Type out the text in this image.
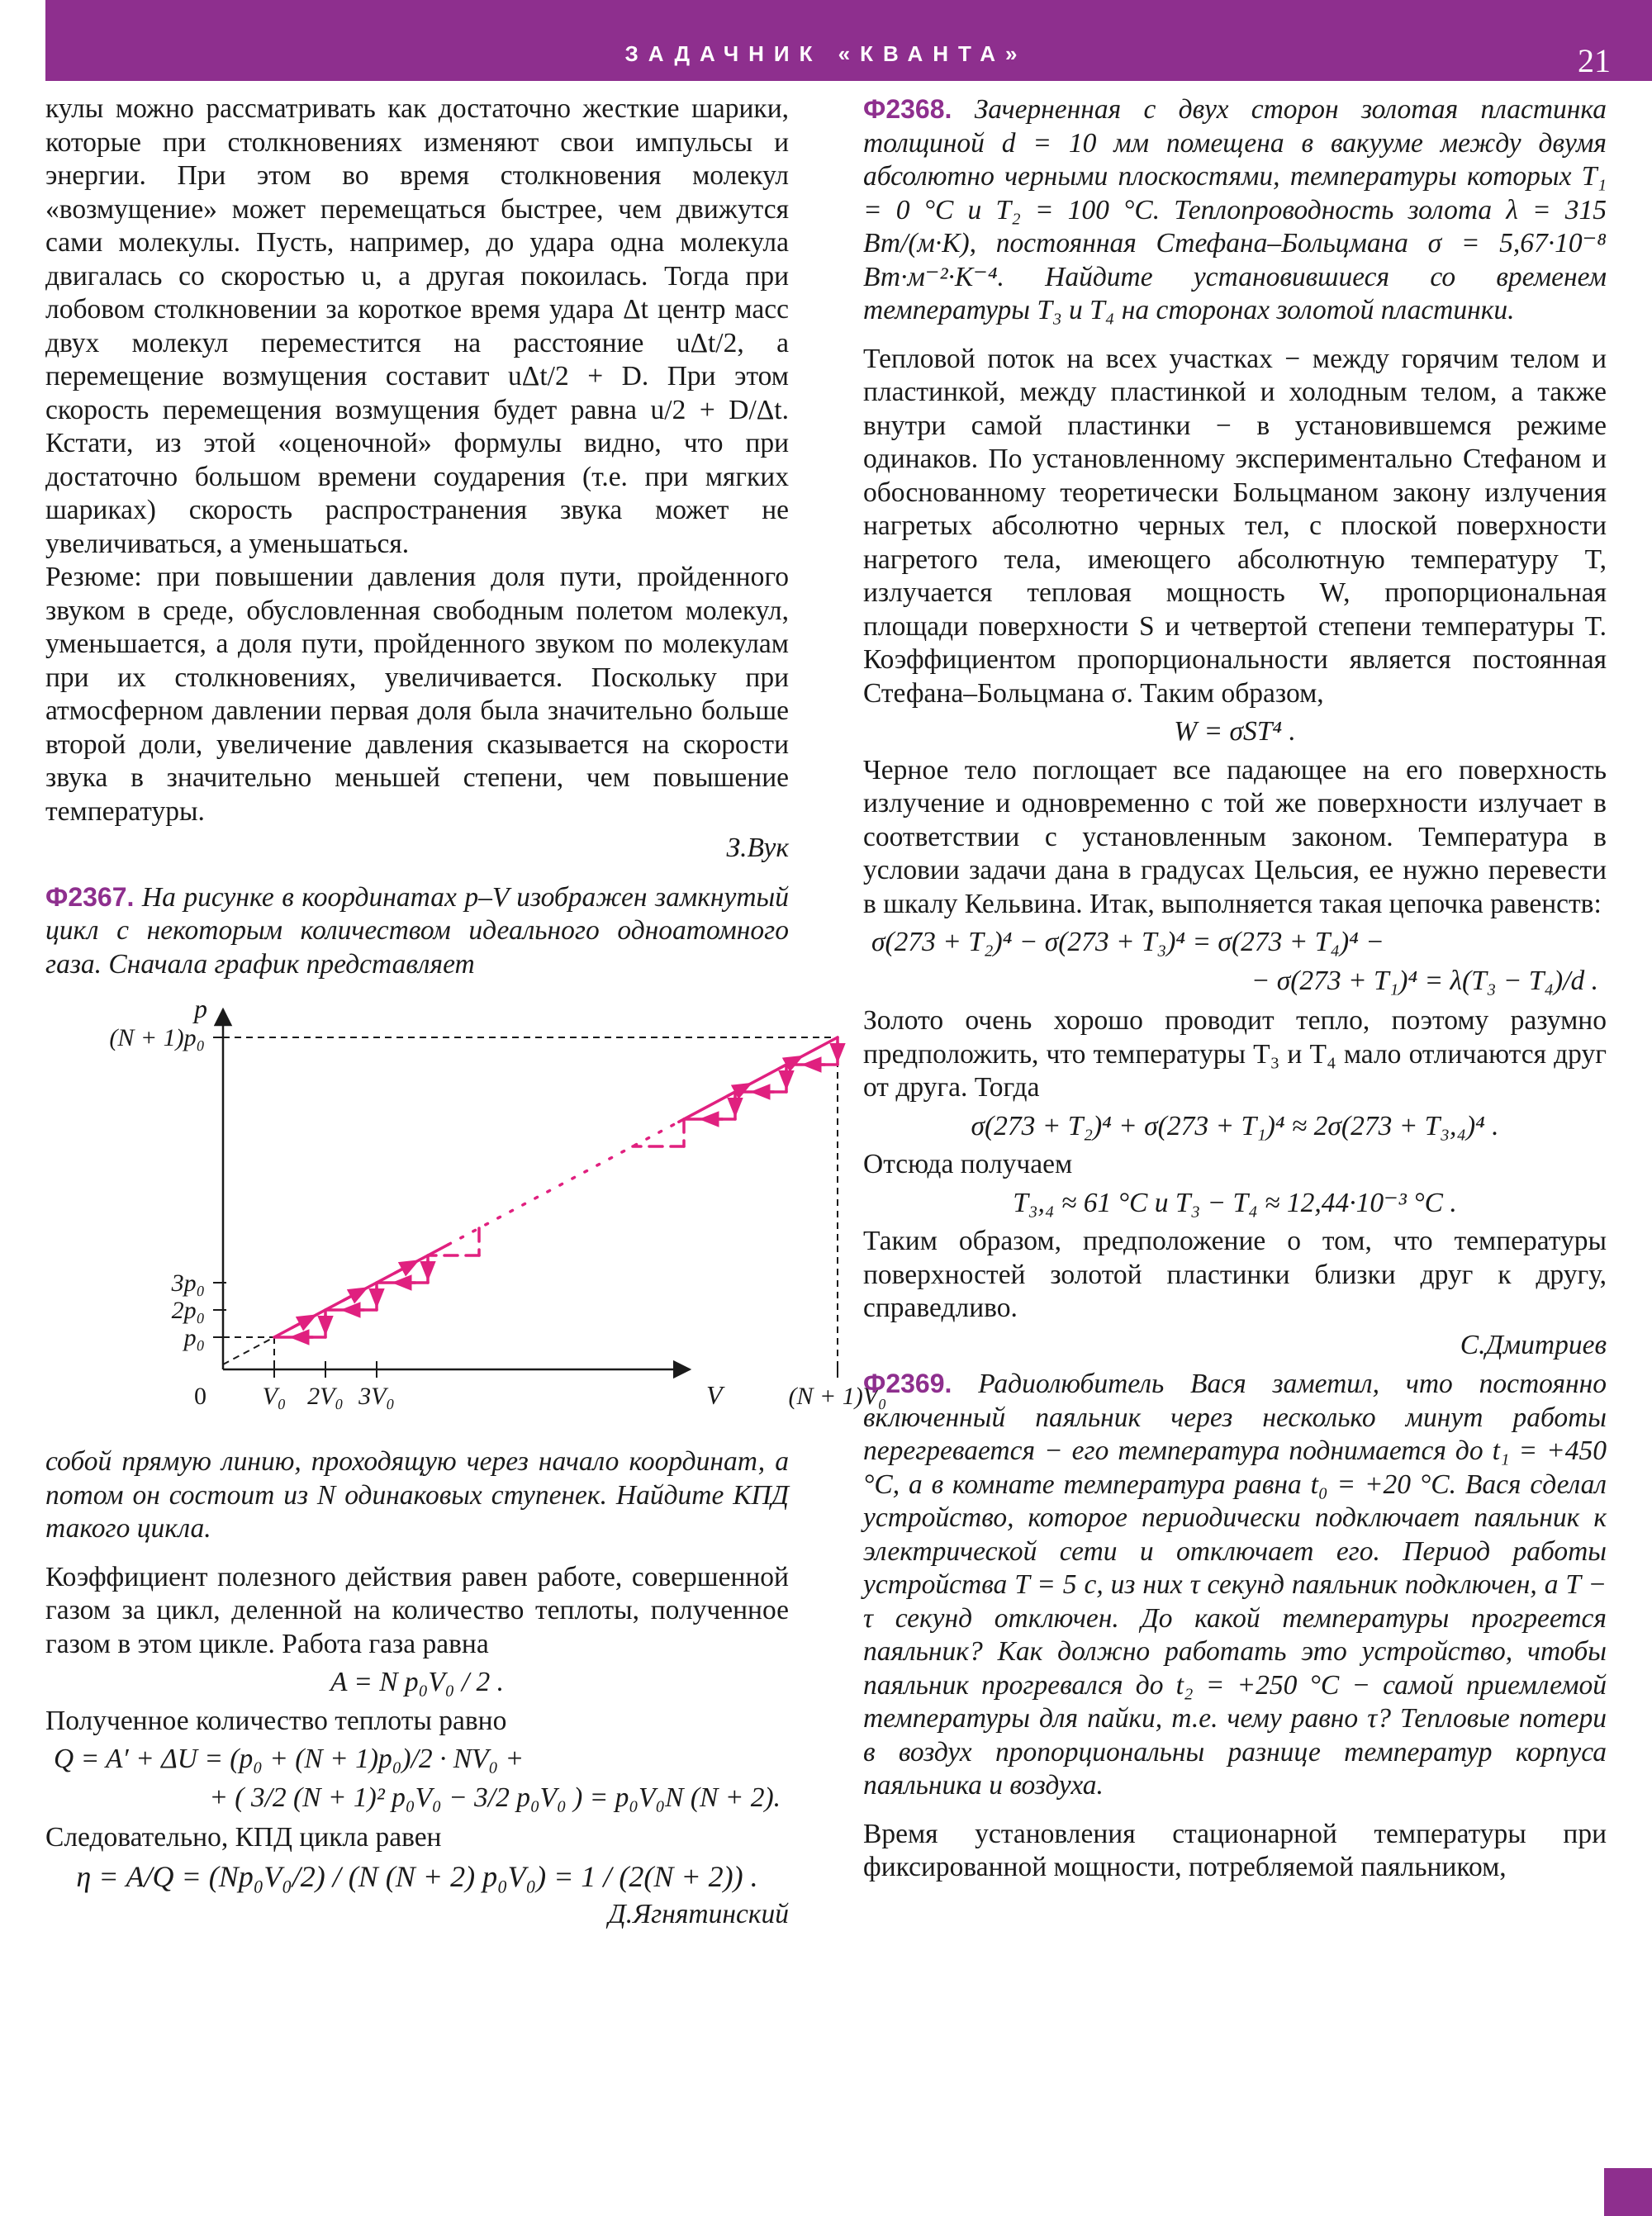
ЗАДАЧНИК «КВАНТА»	21

кулы можно рассматривать как достаточно жесткие шарики, которые при столкновениях изменяют свои импульсы и энергии. При этом во время столкновения молекул «возмущение» может перемещаться быстрее, чем движутся сами молекулы. Пусть, например, до удара одна молекула двигалась со скоростью u, а другая покоилась. Тогда при лобовом столкновении за короткое время удара Δt центр масс двух молекул переместится на расстояние uΔt/2, а перемещение возмущения составит uΔt/2 + D. При этом скорость перемещения возмущения будет равна u/2 + D/Δt. Кстати, из этой «оценочной» формулы видно, что при достаточно большом времени соударения (т.е. при мягких шариках) скорость распространения звука может не увеличиваться, а уменьшаться.

Резюме: при повышении давления доля пути, пройденного звуком в среде, обусловленная свободным полетом молекул, уменьшается, а доля пути, пройденного звуком по молекулам при их столкновениях, увеличивается. Поскольку при атмосферном давлении первая доля была значительно больше второй доли, увеличение давления сказывается на скорости звука в значительно меньшей степени, чем повышение температуры.

З.Вук

Ф2367. На рисунке в координатах p–V изображен замкнутый цикл с некоторым количеством идеального одноатомного газа. Сначала график представляет

V₀ 2V₀ 3V₀	(N + 1)V₀
p₀
2p₀
3p₀
(N + 1)p₀
0	V
p

собой прямую линию, проходящую через начало координат, а потом он состоит из N одинаковых ступенек. Найдите КПД такого цикла.

Коэффициент полезного действия равен работе, совершенной газом за цикл, деленной на количество теплоты, полученное газом в этом цикле. Работа газа равна

A = N p₀V₀ / 2 .

Полученное количество теплоты равно

Q = A′ + ΔU = (p₀ + (N + 1)p₀)/2 · NV₀ +
+ ( 3/2 (N + 1)² p₀V₀ − 3/2 p₀V₀ ) = p₀V₀N (N + 2).

Следовательно, КПД цикла равен

η = A/Q = (Np₀V₀/2) / (N (N + 2) p₀V₀) = 1 / (2(N + 2)) .
Д.Ягнятинский

Ф2368. Зачерненная с двух сторон золотая пластинка толщиной d = 10 мм помещена в вакууме между двумя абсолютно черными плоскостями, температуры которых T₁ = 0 °C и T₂ = 100 °C. Теплопроводность золота λ = 315 Вт/(м·К), постоянная Стефана–Больцмана σ = 5,67·10⁻⁸ Вт·м⁻²·К⁻⁴. Найдите установившиеся со временем температуры T₃ и T₄ на сторонах золотой пластинки.

Тепловой поток на всех участках − между горячим телом и пластинкой, между пластинкой и холодным телом, а также внутри самой пластинки − в установившемся режиме одинаков. По установленному экспериментально Стефаном и обоснованному теоретически Больцманом закону излучения нагретых абсолютно черных тел, с плоской поверхности нагретого тела, имеющего абсолютную температуру T, излучается тепловая мощность W, пропорциональная площади поверхности S и четвертой степени температуры T. Коэффициентом пропорциональности является постоянная Стефана–Больцмана σ. Таким образом,

W = σST⁴ .

Черное тело поглощает все падающее на его поверхность излучение и одновременно с той же поверхности излучает в соответствии с установленным законом. Температура в условии задачи дана в градусах Цельсия, ее нужно перевести в шкалу Кельвина. Итак, выполняется такая цепочка равенств:

σ(273 + T₂)⁴ − σ(273 + T₃)⁴ = σ(273 + T₄)⁴ −
− σ(273 + T₁)⁴ = λ(T₃ − T₄)/d .

Золото очень хорошо проводит тепло, поэтому разумно предположить, что температуры T₃ и T₄ мало отличаются друг от друга. Тогда

σ(273 + T₂)⁴ + σ(273 + T₁)⁴ ≈ 2σ(273 + T₃,₄)⁴ .

Отсюда получаем

T₃,₄ ≈ 61 °C и T₃ − T₄ ≈ 12,44·10⁻³ °C .

Таким образом, предположение о том, что температуры поверхностей золотой пластинки близки друг к другу, справедливо.

С.Дмитриев

Ф2369. Радиолюбитель Вася заметил, что постоянно включенный паяльник через несколько минут работы перегревается − его температура поднимается до t₁ = +450 °C, а в комнате температура равна t₀ = +20 °C. Вася сделал устройство, которое периодически подключает паяльник к электрической сети и отключает его. Период работы устройства T = 5 с, из них τ секунд паяльник подключен, а T − τ секунд отключен. До какой температуры прогреется паяльник? Как должно работать это устройство, чтобы паяльник прогревался до t₂ = +250 °C − самой приемлемой температуры для пайки, т.е. чему равно τ? Тепловые потери в воздух пропорциональны разнице температур корпуса паяльника и воздуха.

Время установления стационарной температуры при фиксированной мощности, потребляемой паяльником,
